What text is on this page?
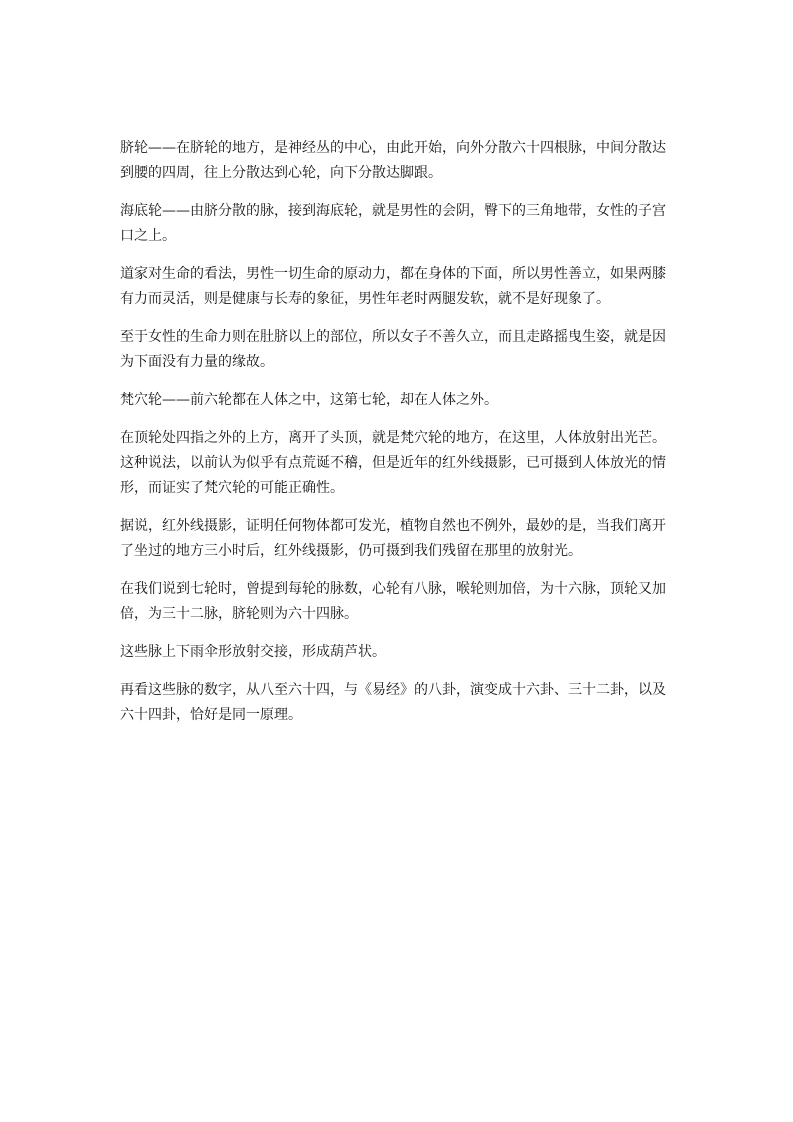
脐轮——在脐轮的地方，是神经丛的中心，由此开始，向外分散六十四根脉，中间分散达到腰的四周，往上分散达到心轮，向下分散达脚跟。

海底轮——由脐分散的脉，接到海底轮，就是男性的会阴，臀下的三角地带，女性的子宫口之上。

道家对生命的看法，男性一切生命的原动力，都在身体的下面，所以男性善立，如果两膝有力而灵活，则是健康与长寿的象征，男性年老时两腿发软，就不是好现象了。

至于女性的生命力则在肚脐以上的部位，所以女子不善久立，而且走路摇曳生姿，就是因为下面没有力量的缘故。

梵穴轮——前六轮都在人体之中，这第七轮，却在人体之外。

在顶轮处四指之外的上方，离开了头顶，就是梵穴轮的地方，在这里，人体放射出光芒。这种说法，以前认为似乎有点荒诞不稽，但是近年的红外线摄影，已可摄到人体放光的情形，而证实了梵穴轮的可能正确性。

据说，红外线摄影，证明任何物体都可发光，植物自然也不例外，最妙的是，当我们离开了坐过的地方三小时后，红外线摄影，仍可摄到我们残留在那里的放射光。

在我们说到七轮时，曾提到每轮的脉数，心轮有八脉，喉轮则加倍，为十六脉，顶轮又加倍，为三十二脉，脐轮则为六十四脉。

这些脉上下雨伞形放射交接，形成葫芦状。

再看这些脉的数字，从八至六十四，与《易经》的八卦，演变成十六卦、三十二卦，以及六十四卦，恰好是同一原理。
